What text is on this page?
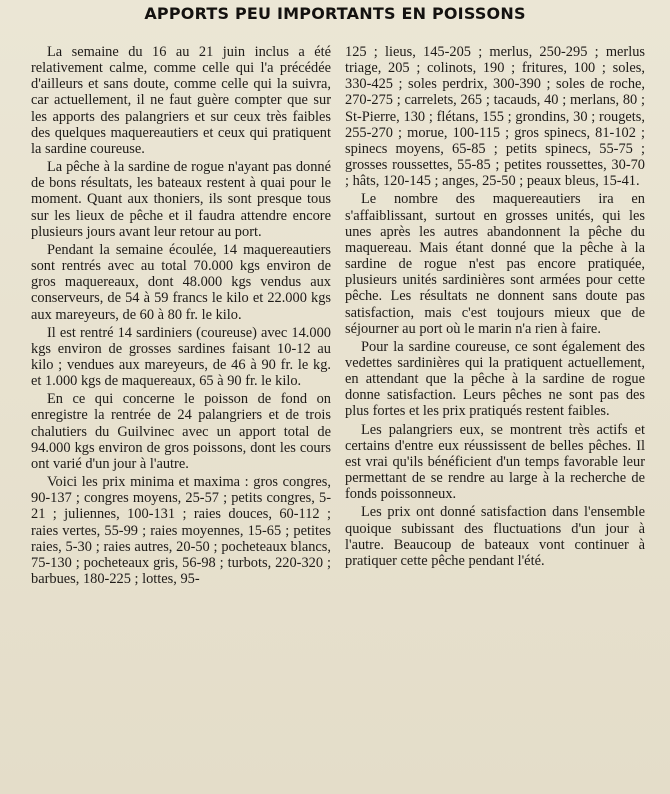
APPORTS PEU IMPORTANTS EN POISSONS

La semaine du 16 au 21 juin inclus a été relativement calme, comme celle qui l'a précédée d'ailleurs et sans doute, comme celle qui la suivra, car actuellement, il ne faut guère compter que sur les apports des palangriers et sur ceux très faibles des quelques maquereautiers et ceux qui pratiquent la sardine coureuse.

La pêche à la sardine de rogue n'ayant pas donné de bons résultats, les bateaux restent à quai pour le moment. Quant aux thoniers, ils sont presque tous sur les lieux de pêche et il faudra attendre encore plusieurs jours avant leur retour au port.

Pendant la semaine écoulée, 14 maquereautiers sont rentrés avec au total 70.000 kgs environ de gros maquereaux, dont 48.000 kgs vendus aux conserveurs, de 54 à 59 francs le kilo et 22.000 kgs aux mareyeurs, de 60 à 80 fr. le kilo.

Il est rentré 14 sardiniers (coureuse) avec 14.000 kgs environ de grosses sardines faisant 10-12 au kilo ; vendues aux mareyeurs, de 46 à 90 fr. le kg. et 1.000 kgs de maquereaux, 65 à 90 fr. le kilo.

En ce qui concerne le poisson de fond on enregistre la rentrée de 24 palangriers et de trois chalutiers du Guilvinec avec un apport total de 94.000 kgs environ de gros poissons, dont les cours ont varié d'un jour à l'autre.

Voici les prix minima et maxima : gros congres, 90-137 ; congres moyens, 25-57 ; petits congres, 5-21 ; juliennes, 100-131 ; raies douces, 60-112 ; raies vertes, 55-99 ; raies moyennes, 15-65 ; petites raies, 5-30 ; raies autres, 20-50 ; pocheteaux blancs, 75-130 ; pocheteaux gris, 56-98 ; turbots, 220-320 ; barbues, 180-225 ; lottes, 95-

125 ; lieus, 145-205 ; merlus, 250-295 ; merlus triage, 205 ; colinots, 190 ; fritures, 100 ; soles, 330-425 ; soles perdrix, 300-390 ; soles de roche, 270-275 ; carrelets, 265 ; tacauds, 40 ; merlans, 80 ; St-Pierre, 130 ; flétans, 155 ; grondins, 30 ; rougets, 255-270 ; morue, 100-115 ; gros spinecs, 81-102 ; spinecs moyens, 65-85 ; petits spinecs, 55-75 ; grosses roussettes, 55-85 ; petites roussettes, 30-70 ; hâts, 120-145 ; anges, 25-50 ; peaux bleus, 15-41.

Le nombre des maquereautiers ira en s'affaiblissant, surtout en grosses unités, qui les unes après les autres abandonnent la pêche du maquereau. Mais étant donné que la pêche à la sardine de rogue n'est pas encore pratiquée, plusieurs unités sardinières sont armées pour cette pêche. Les résultats ne donnent sans doute pas satisfaction, mais c'est toujours mieux que de séjourner au port où le marin n'a rien à faire.

Pour la sardine coureuse, ce sont également des vedettes sardinières qui la pratiquent actuellement, en attendant que la pêche à la sardine de rogue donne satisfaction. Leurs pêches ne sont pas des plus fortes et les prix pratiqués restent faibles.

Les palangriers eux, se montrent très actifs et certains d'entre eux réussissent de belles pêches. Il est vrai qu'ils bénéficient d'un temps favorable leur permettant de se rendre au large à la recherche de fonds poissonneux.

Les prix ont donné satisfaction dans l'ensemble quoique subissant des fluctuations d'un jour à l'autre. Beaucoup de bateaux vont continuer à pratiquer cette pêche pendant l'été.
